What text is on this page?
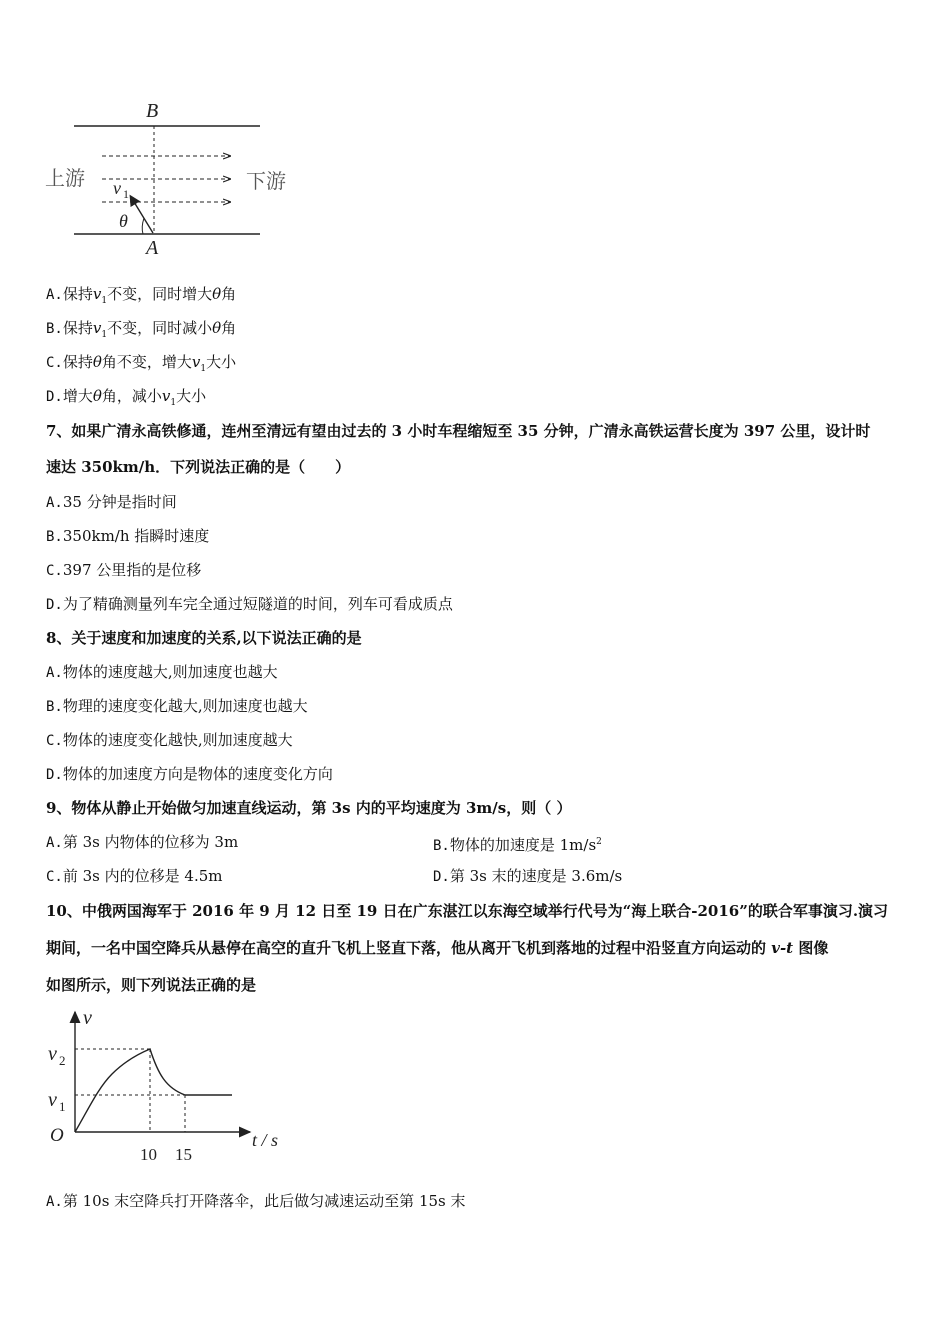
B
上游	下游
v 1
θ
A
A.保持$v_1$不变，同时增大θ角
B.保持$v_1$不变，同时减小θ角
C.保持θ角不变，增大$v_1$大小
D.增大θ角，减小$v_1$大小
7、如果广清永高铁修通，连州至清远有望由过去的 3 小时车程缩短至 35 分钟，广清永高铁运营长度为 397 公里，设计时
速达 350km/h．下列说法正确的是（　　）
A.35 分钟是指时间
B.350km/h 指瞬时速度
C.397 公里指的是位移
D.为了精确测量列车完全通过短隧道的时间，列车可看成质点
8、关于速度和加速度的关系,以下说法正确的是
A.物体的速度越大,则加速度也越大
B.物理的速度变化越大,则加速度也越大
C.物体的速度变化越快,则加速度越大
D.物体的加速度方向是物体的速度变化方向
9、物体从静止开始做匀加速直线运动，第 3s 内的平均速度为 3m/s，则（ ）
A.第 3s 内物体的位移为 3m	B.物体的加速度是 $1m/s^2$
C.前 3s 内的位移是 4.5m	D.第 3s 末的速度是 3.6m/s
10、中俄两国海军于 2016 年 9 月 12 日至 19 日在广东湛江以东海空域举行代号为“海上联合-2016”的联合军事演习.演习
期间，一名中国空降兵从悬停在高空的直升飞机上竖直下落，他从离开飞机到落地的过程中沿竖直方向运动的 v-t 图像
如图所示，则下列说法正确的是
v
t / s
O
v 2
v 1
10 15
A.第 10s 末空降兵打开降落伞，此后做匀减速运动至第 15s 末
